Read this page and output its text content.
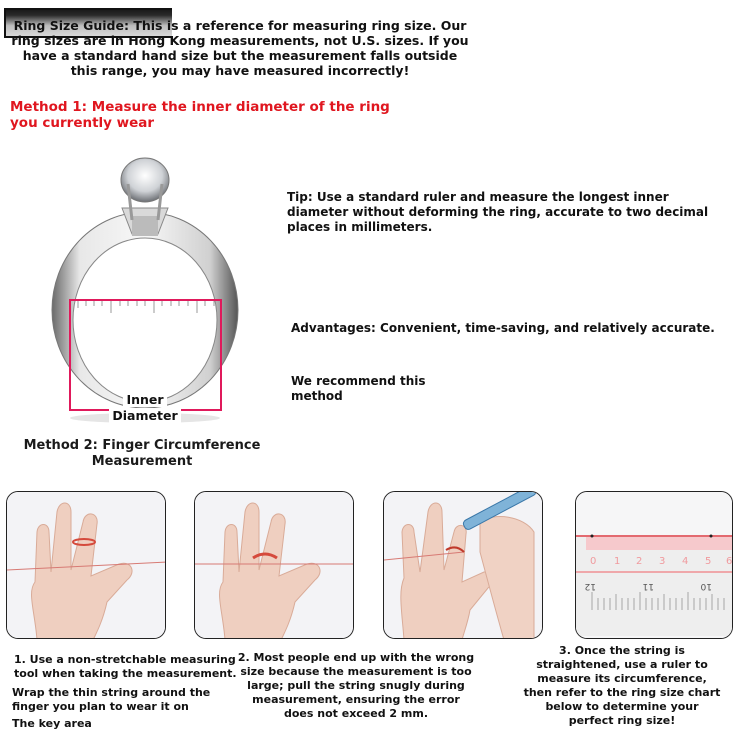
Ring Size Guide: This is a reference for measuring ring size. Our ring sizes are in Hong Kong measurements, not U.S. sizes. If you have a standard hand size but the measurement falls outside this range, you may have measured incorrectly!
Method 1: Measure the inner diameter of the ring you currently wear
Inner
Diameter
Tip: Use a standard ruler and measure the longest inner diameter without deforming the ring, accurate to two decimal places in millimeters.
Advantages: Convenient, time-saving, and relatively accurate.
We recommend this method
Method 2: Finger Circumference
Measurement
0 1 2 3 4 5 6
12	11	10
1. Use a non-stretchable measuring
tool when taking the measurement.
Wrap the thin string around the finger you plan to wear it on
The key area
2. Most people end up with the wrong size because the measurement is too large; pull the string snugly during measurement, ensuring the error does not exceed 2 mm.
3. Once the string is straightened, use a ruler to measure its circumference, then refer to the ring size chart below to determine your perfect ring size!
